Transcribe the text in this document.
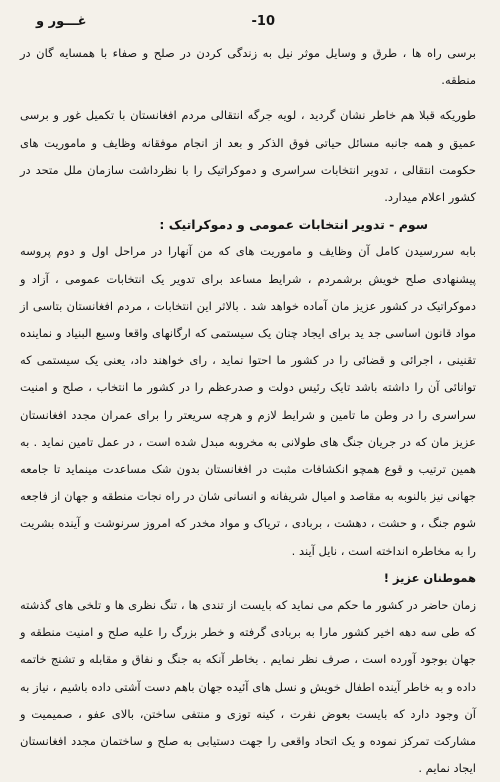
-10
غـــور و

برسی راه ها ، طرق و وسایل موثر نیل به زندگی کردن در صلح و صفاء با همسایه گان در منطقه.

طوریکه قبلا هم خاطر نشان گردید ، لویه جرگه انتقالی مردم افغانستان با تکمیل غور و برسی عمیق و همه جانبه مسائل حیاتی فوق الذکر و بعد از انجام موفقانه وظایف و ماموریت های حکومت انتقالی ، تدویر انتخابات سراسری و دموکراتیک را با نظرداشت سازمان ملل متحد در کشور اعلام میدارد.

سوم - تدویر انتخابات عمومی و دموکراتیک :

بابه سررسیدن کامل آن وظایف و ماموریت های که من آنهارا در مراحل اول و دوم پروسه پیشنهادی صلح خویش برشمردم ، شرایط مساعد برای تدویر یک انتخابات عمومی ، آزاد و دموکراتیک در کشور عزیز مان آماده خواهد شد . بالاثر این انتخابات ، مردم افغانستان بتاسی از مواد قانون اساسی جد ید برای ایجاد چنان یک سیستمی که ارگانهای واقعا وسیع البنیاد و نماینده تقنینی ، اجرائی و قضائی را در کشور ما احتوا نماید ، رای خواهند داد، یعنی یک سیستمی که توانائی آن را داشته باشد تایک رئیس دولت و صدرعظم را در کشور ما انتخاب ، صلح و امنیت سراسری را در وطن ما تامین و شرایط لازم و هرچه سریعتر را برای عمران مجدد افغانستان عزیز مان که در جریان جنگ های طولانی به مخروبه مبدل شده است ، در عمل تامین نماید . به همین ترتیب و قوع همچو انکشافات مثبت در افغانستان بدون شک مساعدت مینماید تا جامعه جهانی نیز بالنوبه به مقاصد و امیال شریفانه و انسانی شان در راه نجات منطقه و جهان از فاجعه شوم جنگ ، و حشت ، دهشت ، بربادی ، تریاک و مواد مخدر که امروز سرنوشت و آینده بشریت را به مخاطره انداخته است ، نایل آیند .

هموطنان عزیز !

زمان حاضر در کشور ما حکم می نماید که بایست از تندی ها ، تنگ نظری ها و تلخی های گذشته که طی سه دهه اخیر کشور مارا به بربادی گرفته و خطر بزرگ را علیه صلح و امنیت منطقه و جهان بوجود آورده است ، صرف نظر نمایم . بخاطر آنکه به جنگ و نفاق و مقابله و تشنج خاتمه داده و به خاطر آینده اطفال خویش و نسل های آئیده جهان باهم دست آشتی داده باشیم ، نیاز به آن وجود دارد که بایست بعوض نفرت ، کینه توزی و منتفی ساختن، بالای عفو ، صمیمیت و مشارکت تمرکز نموده و یک اتحاد واقعی را جهت دستیابی به صلح و ساختمان مجدد افغانستان ایجاد نمایم .
